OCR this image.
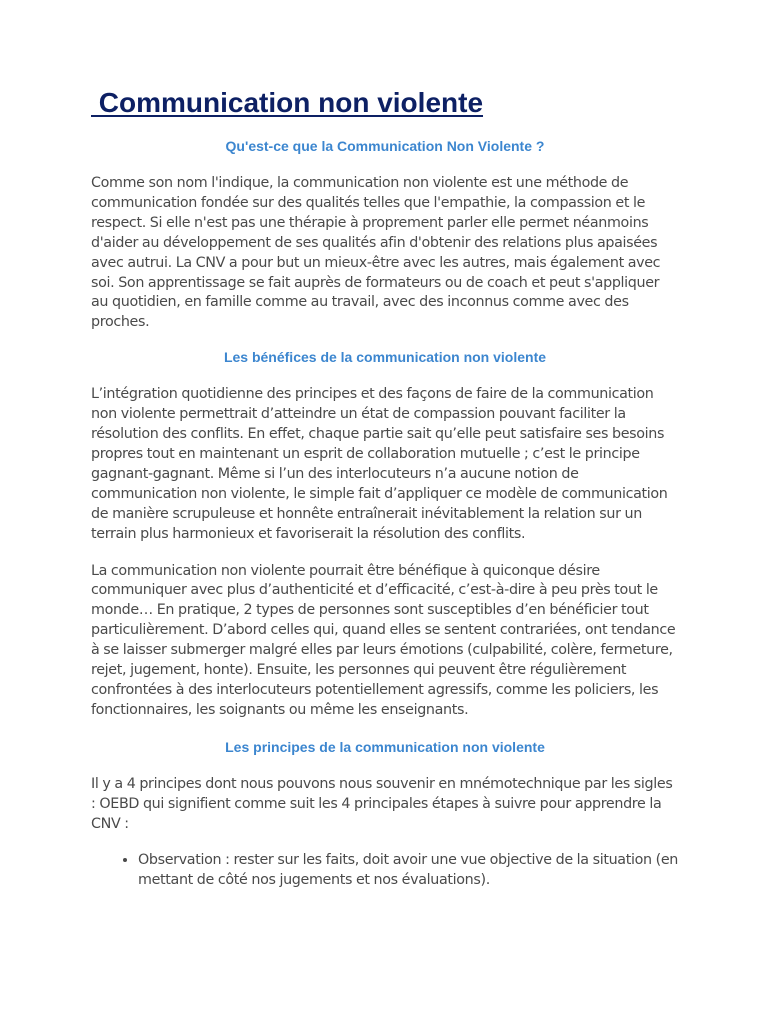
Communication non violente
Qu'est-ce que la Communication Non Violente ?

Comme son nom l'indique, la communication non violente est une méthode de communication fondée sur des qualités telles que l'empathie, la compassion et le respect. Si elle n'est pas une thérapie à proprement parler elle permet néanmoins d'aider au développement de ses qualités afin d'obtenir des relations plus apaisées avec autrui. La CNV a pour but un mieux-être avec les autres, mais également avec soi. Son apprentissage se fait auprès de formateurs ou de coach et peut s'appliquer au quotidien, en famille comme au travail, avec des inconnus comme avec des proches.

Les bénéfices de la communication non violente

L’intégration quotidienne des principes et des façons de faire de la communication non violente permettrait d’atteindre un état de compassion pouvant faciliter la résolution des conflits. En effet, chaque partie sait qu’elle peut satisfaire ses besoins propres tout en maintenant un esprit de collaboration mutuelle ; c’est le principe gagnant-gagnant. Même si l’un des interlocuteurs n’a aucune notion de communication non violente, le simple fait d’appliquer ce modèle de communication de manière scrupuleuse et honnête entraînerait inévitablement la relation sur un terrain plus harmonieux et favoriserait la résolution des conflits.

La communication non violente pourrait être bénéfique à quiconque désire communiquer avec plus d’authenticité et d’efficacité, c’est-à-dire à peu près tout le monde… En pratique, 2 types de personnes sont susceptibles d’en bénéficier tout particulièrement. D’abord celles qui, quand elles se sentent contrariées, ont tendance à se laisser submerger malgré elles par leurs émotions (culpabilité, colère, fermeture, rejet, jugement, honte). Ensuite, les personnes qui peuvent être régulièrement confrontées à des interlocuteurs potentiellement agressifs, comme les policiers, les fonctionnaires, les soignants ou même les enseignants.

Les principes de la communication non violente

Il y a 4 principes dont nous pouvons nous souvenir en mnémotechnique par les sigles : OEBD qui signifient comme suit les 4 principales étapes à suivre pour apprendre la CNV :

• Observation : rester sur les faits, doit avoir une vue objective de la situation (en mettant de côté nos jugements et nos évaluations).
